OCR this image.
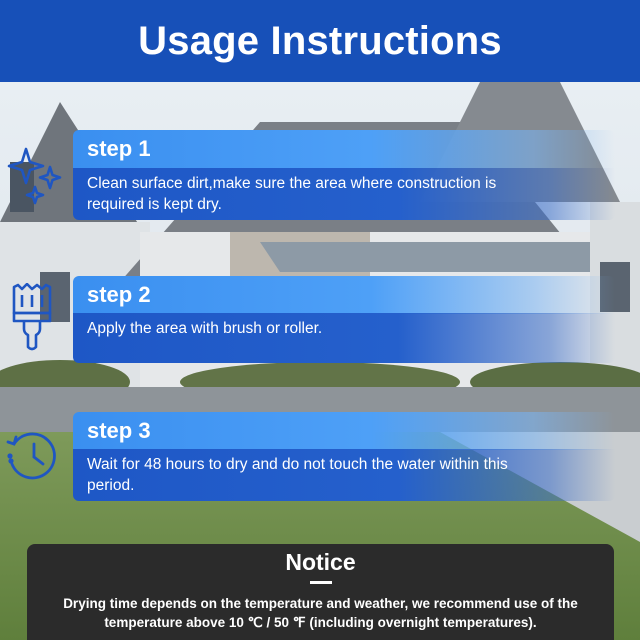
Usage Instructions
step 1

Clean surface dirt,make sure the area where construction is required is kept dry.

step 2

Apply the area with brush or roller.

step 3

Wait for 48 hours to dry and do not touch the water within this period.

Notice

Drying time depends on the temperature and weather, we recommend use of the temperature above 10 ℃ / 50 ℉ (including overnight temperatures).
